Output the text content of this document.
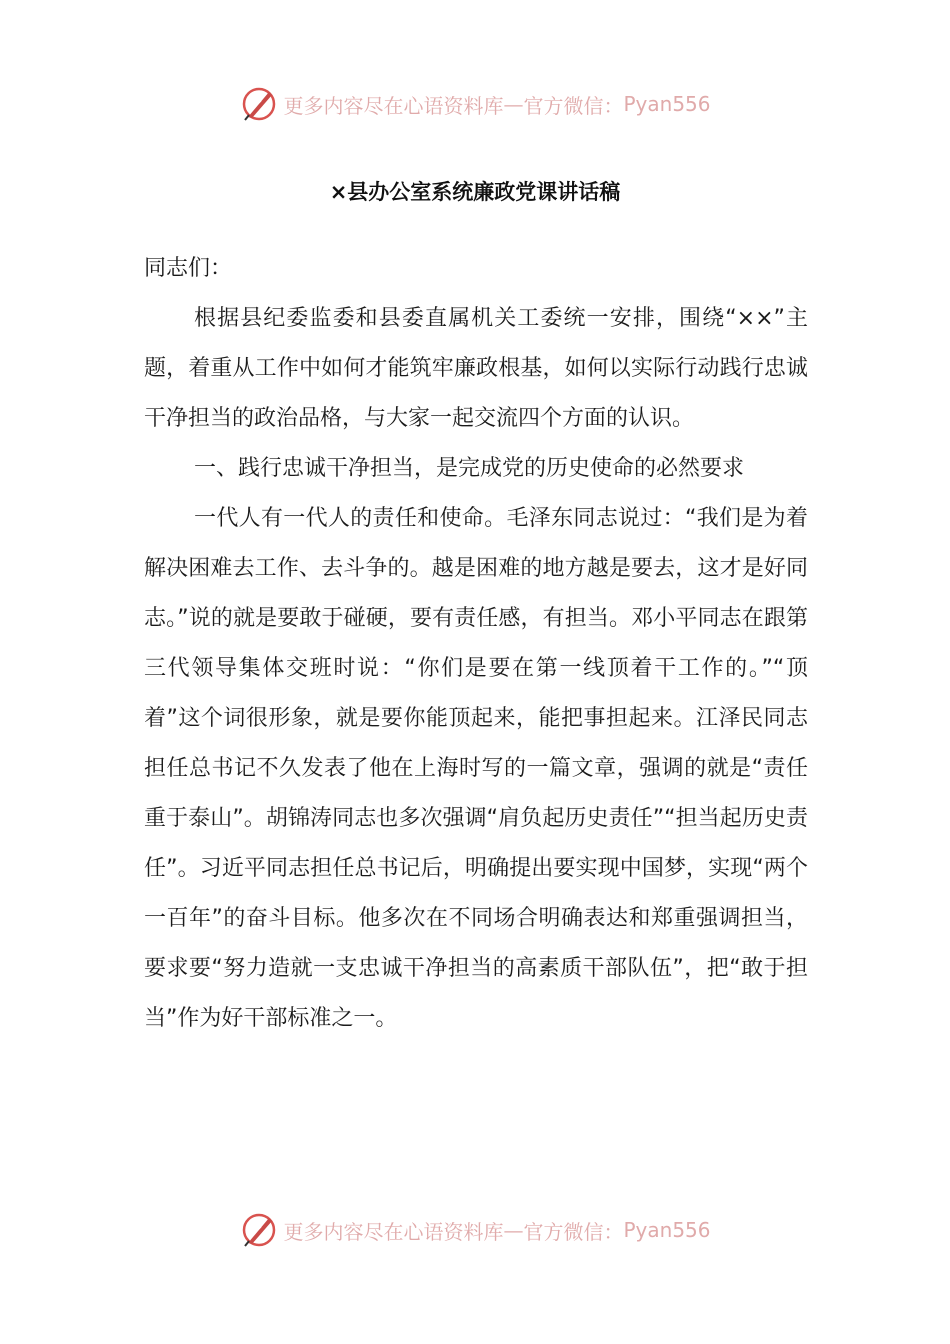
更多内容尽在心语资料库 — 官方微信： Pyan556
×县办公室系统廉政党课讲话稿

同志们：

根据县纪委监委和县委直属机关工委统一安排，围绕“××”主题，着重从工作中如何才能筑牢廉政根基，如何以实际行动践行忠诚干净担当的政治品格，与大家一起交流四个方面的认识。

一、践行忠诚干净担当，是完成党的历史使命的必然要求

一代人有一代人的责任和使命。毛泽东同志说过：“我们是为着解决困难去工作、去斗争的。越是困难的地方越是要去，这才是好同志。”说的就是要敢于碰硬，要有责任感，有担当。邓小平同志在跟第三代领导集体交班时说：“你们是要在第一线顶着干工作的。”“顶着”这个词很形象，就是要你能顶起来，能把事担起来。江泽民同志担任总书记不久发表了他在上海时写的一篇文章，强调的就是“责任重于泰山”。胡锦涛同志也多次强调“肩负起历史责任”“担当起历史责任”。习近平同志担任总书记后，明确提出要实现中国梦，实现“两个一百年”的奋斗目标。他多次在不同场合明确表达和郑重强调担当，要求要“努力造就一支忠诚干净担当的高素质干部队伍”，把“敢于担当”作为好干部标准之一。

更多内容尽在心语资料库 — 官方微信： Pyan556
